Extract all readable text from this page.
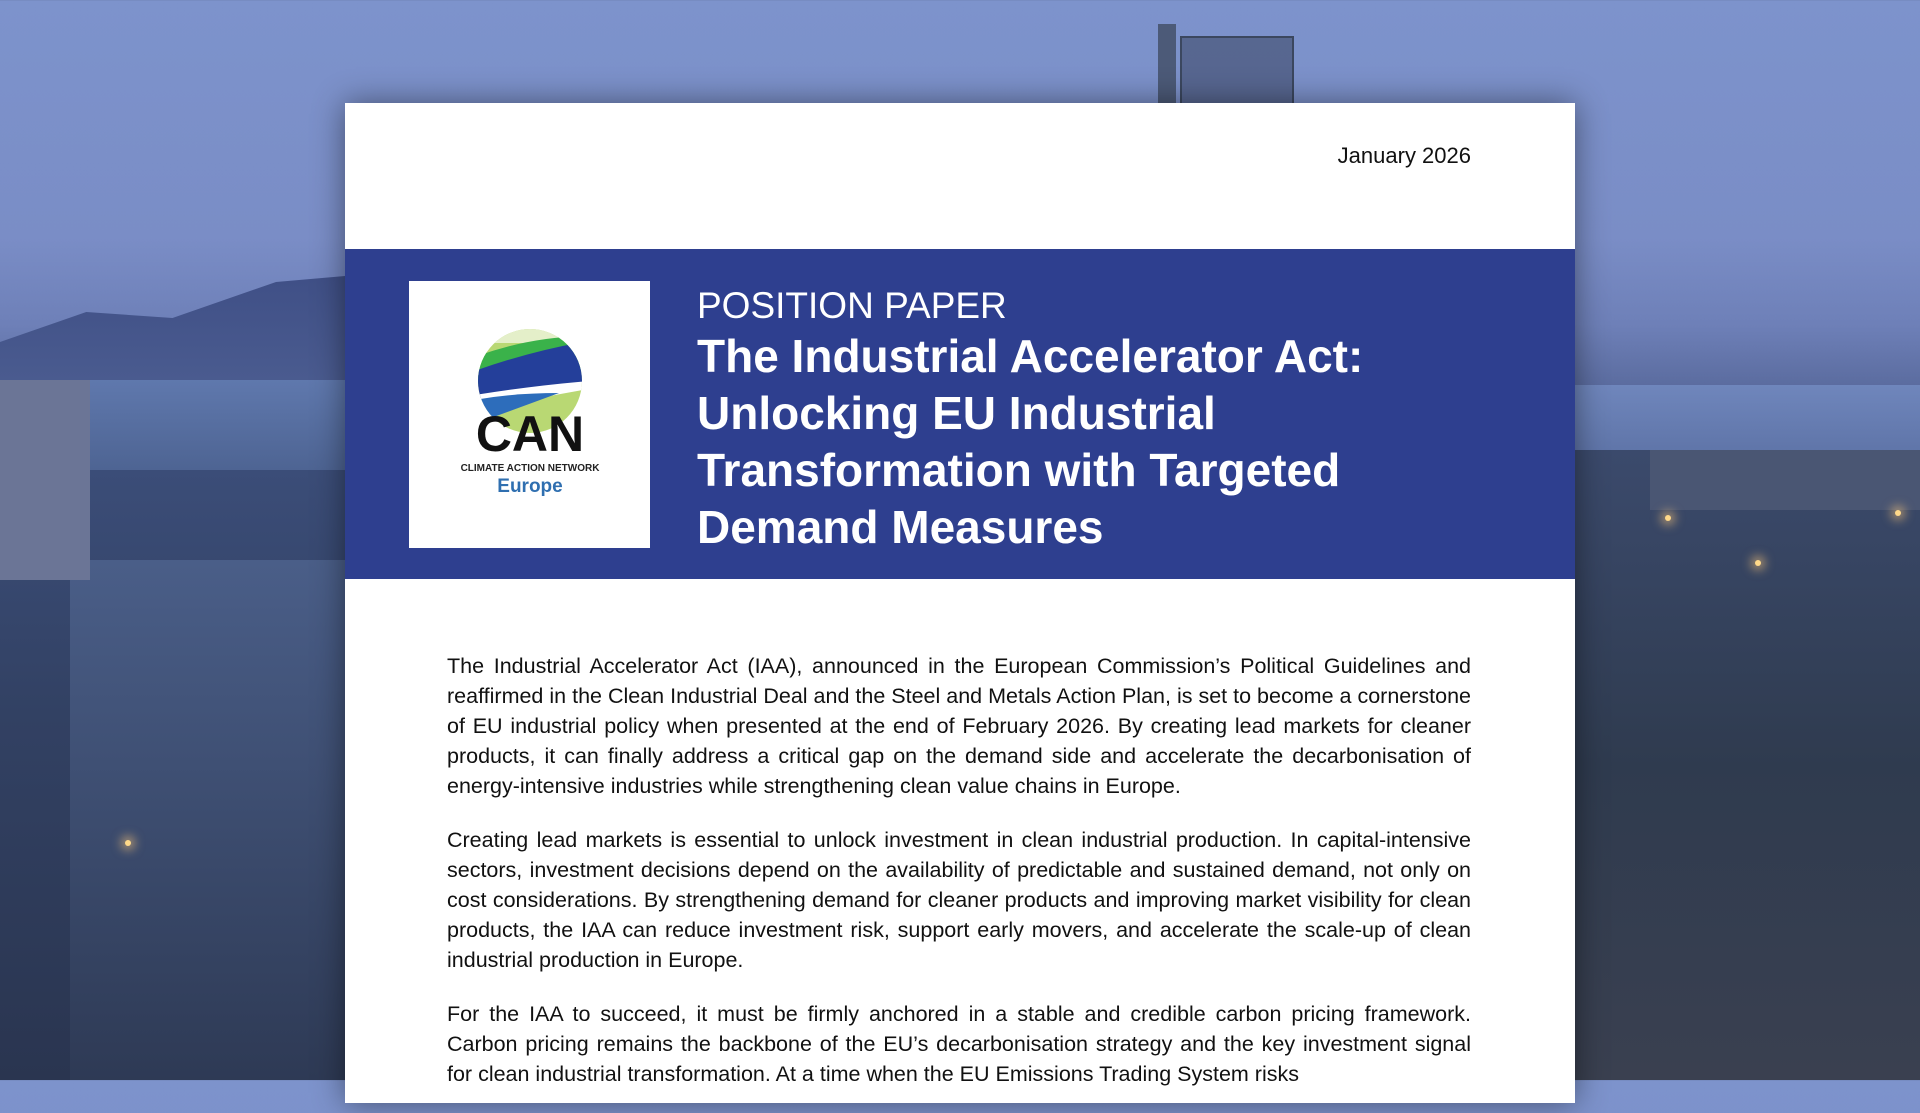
January 2026
CAN
CLIMATE ACTION NETWORK
Europe
POSITION PAPER
The Industrial Accelerator Act: Unlocking EU Industrial Transformation with Targeted Demand Measures

The Industrial Accelerator Act (IAA), announced in the European Commission’s Political Guidelines and reaffirmed in the Clean Industrial Deal and the Steel and Metals Action Plan, is set to become a cornerstone of EU industrial policy when presented at the end of February 2026. By creating lead markets for cleaner products, it can finally address a critical gap on the demand side and accelerate the decarbonisation of energy-intensive industries while strengthening clean value chains in Europe.

Creating lead markets is essential to unlock investment in clean industrial production. In capital-intensive sectors, investment decisions depend on the availability of predictable and sustained demand, not only on cost considerations. By strengthening demand for cleaner products and improving market visibility for clean products, the IAA can reduce investment risk, support early movers, and accelerate the scale-up of clean industrial production in Europe.

For the IAA to succeed, it must be firmly anchored in a stable and credible carbon pricing framework. Carbon pricing remains the backbone of the EU’s decarbonisation strategy and the key investment signal for clean industrial transformation. At a time when the EU Emissions Trading System risks
